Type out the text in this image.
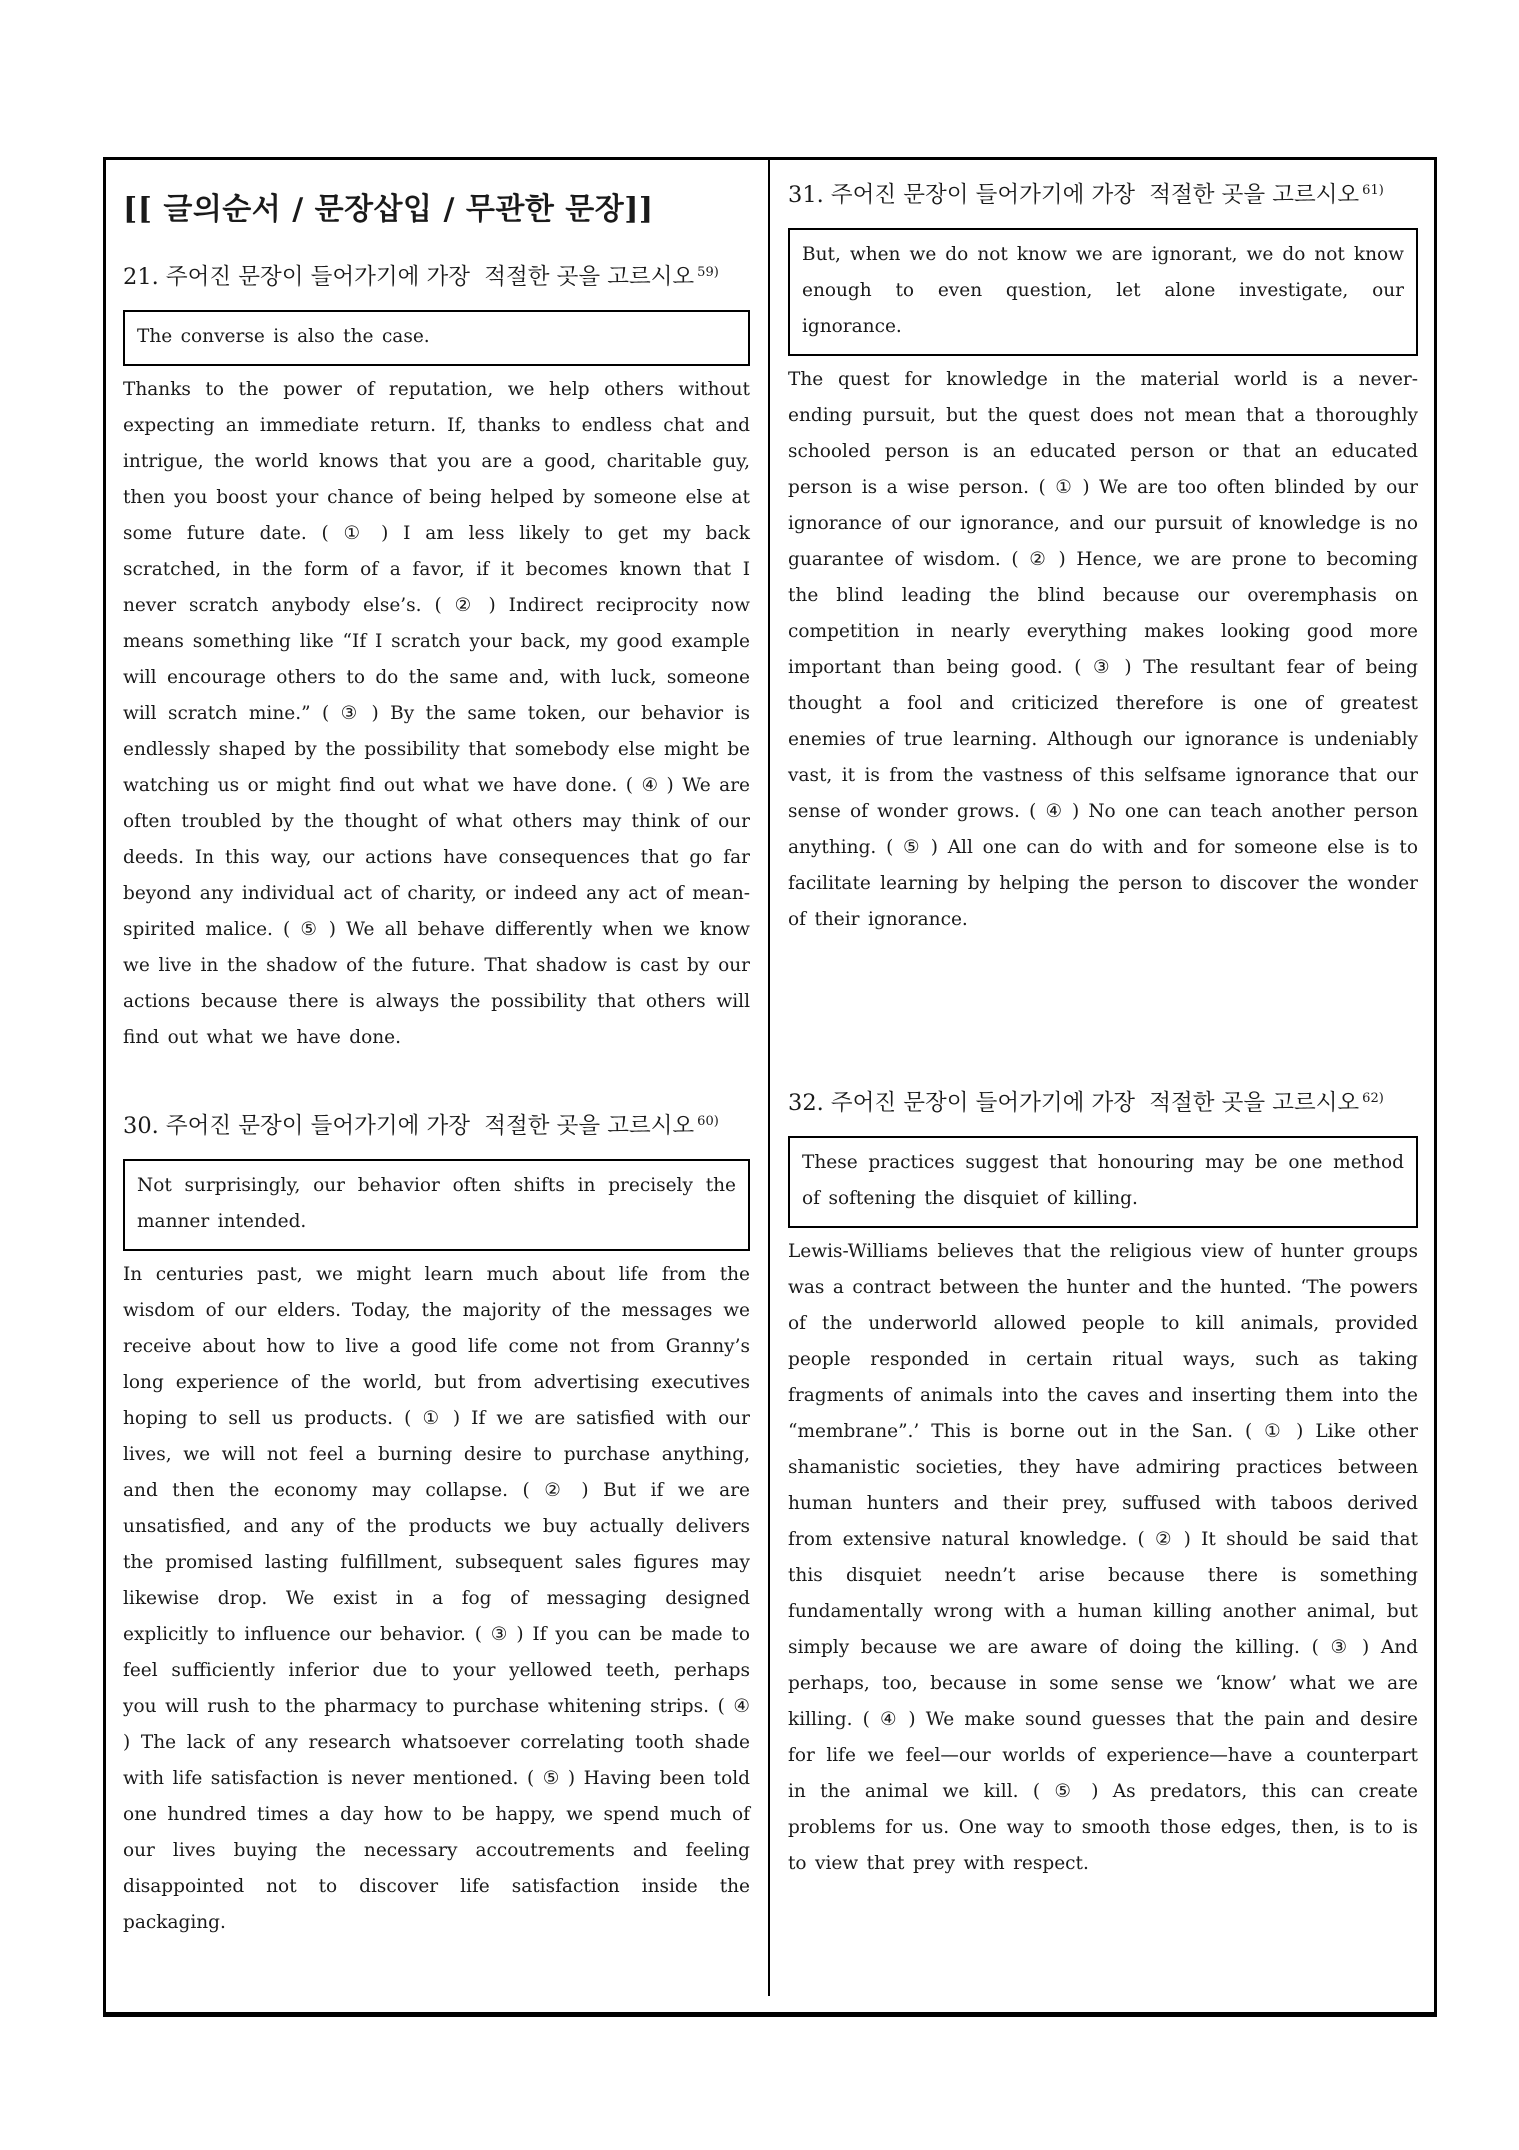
[[ 글의순서 / 문장삽입 / 무관한 문장]]
21. 주어진 문장이 들어가기에 가장  적절한 곳을 고르시오 $^{59)}$
The converse is also the case.

Thanks to the power of reputation, we help others without expecting an immediate return. If, thanks to endless chat and intrigue, the world knows that you are a good, charitable guy, then you boost your chance of being helped by someone else at some future date. ( ① ) I am less likely to get my back scratched, in the form of a favor, if it becomes known that I never scratch anybody else’s. ( ② ) Indirect reciprocity now means something like “If I scratch your back, my good example will encourage others to do the same and, with luck, someone will scratch mine.” ( ③ ) By the same token, our behavior is endlessly shaped by the possibility that somebody else might be watching us or might find out what we have done. ( ④ ) We are often troubled by the thought of what others may think of our deeds. In this way, our actions have consequences that go far beyond any individual act of charity, or indeed any act of mean-spirited malice. ( ⑤ ) We all behave differently when we know we live in the shadow of the future. That shadow is cast by our actions because there is always the possibility that others will find out what we have done.

30. 주어진 문장이 들어가기에 가장  적절한 곳을 고르시오 $^{60)}$
Not surprisingly, our behavior often shifts in precisely the manner intended.

In centuries past, we might learn much about life from the wisdom of our elders. Today, the majority of the messages we receive about how to live a good life come not from Granny’s long experience of the world, but from advertising executives hoping to sell us products. ( ① ) If we are satisfied with our lives, we will not feel a burning desire to purchase anything, and then the economy may collapse. ( ② ) But if we are unsatisfied, and any of the products we buy actually delivers the promised lasting fulfillment, subsequent sales figures may likewise drop. We exist in a fog of messaging designed explicitly to influence our behavior. ( ③ ) If you can be made to feel sufficiently inferior due to your yellowed teeth, perhaps you will rush to the pharmacy to purchase whitening strips. ( ④ ) The lack of any research whatsoever correlating tooth shade with life satisfaction is never mentioned. ( ⑤ ) Having been told one hundred times a day how to be happy, we spend much of our lives buying the necessary accoutrements and feeling disappointed not to discover life satisfaction inside the packaging.

31. 주어진 문장이 들어가기에 가장  적절한 곳을 고르시오 $^{61)}$
But, when we do not know we are ignorant, we do not know enough to even question, let alone investigate, our ignorance.

The quest for knowledge in the material world is a never-ending pursuit, but the quest does not mean that a thoroughly schooled person is an educated person or that an educated person is a wise person. ( ① ) We are too often blinded by our ignorance of our ignorance, and our pursuit of knowledge is no guarantee of wisdom. ( ② ) Hence, we are prone to becoming the blind leading the blind because our overemphasis on competition in nearly everything makes looking good more important than being good. ( ③ ) The resultant fear of being thought a fool and criticized therefore is one of greatest enemies of true learning. Although our ignorance is undeniably vast, it is from the vastness of this selfsame ignorance that our sense of wonder grows. ( ④ ) No one can teach another person anything. ( ⑤ ) All one can do with and for someone else is to facilitate learning by helping the person to discover the wonder of their ignorance.

32. 주어진 문장이 들어가기에 가장  적절한 곳을 고르시오 $^{62)}$
These practices suggest that honouring may be one method of softening the disquiet of killing.

Lewis-Williams believes that the religious view of hunter groups was a contract between the hunter and the hunted. ‘The powers of the underworld allowed people to kill animals, provided people responded in certain ritual ways, such as taking fragments of animals into the caves and inserting them into the “membrane”.’ This is borne out in the San. ( ① ) Like other shamanistic societies, they have admiring practices between human hunters and their prey, suffused with taboos derived from extensive natural knowledge. ( ② ) It should be said that this disquiet needn’t arise because there is something fundamentally wrong with a human killing another animal, but simply because we are aware of doing the killing. ( ③ ) And perhaps, too, because in some sense we ‘know’ what we are killing. ( ④ ) We make sound guesses that the pain and desire for life we feel—our worlds of experience—have a counterpart in the animal we kill. ( ⑤ ) As predators, this can create problems for us. One way to smooth those edges, then, is to is to view that prey with respect.
